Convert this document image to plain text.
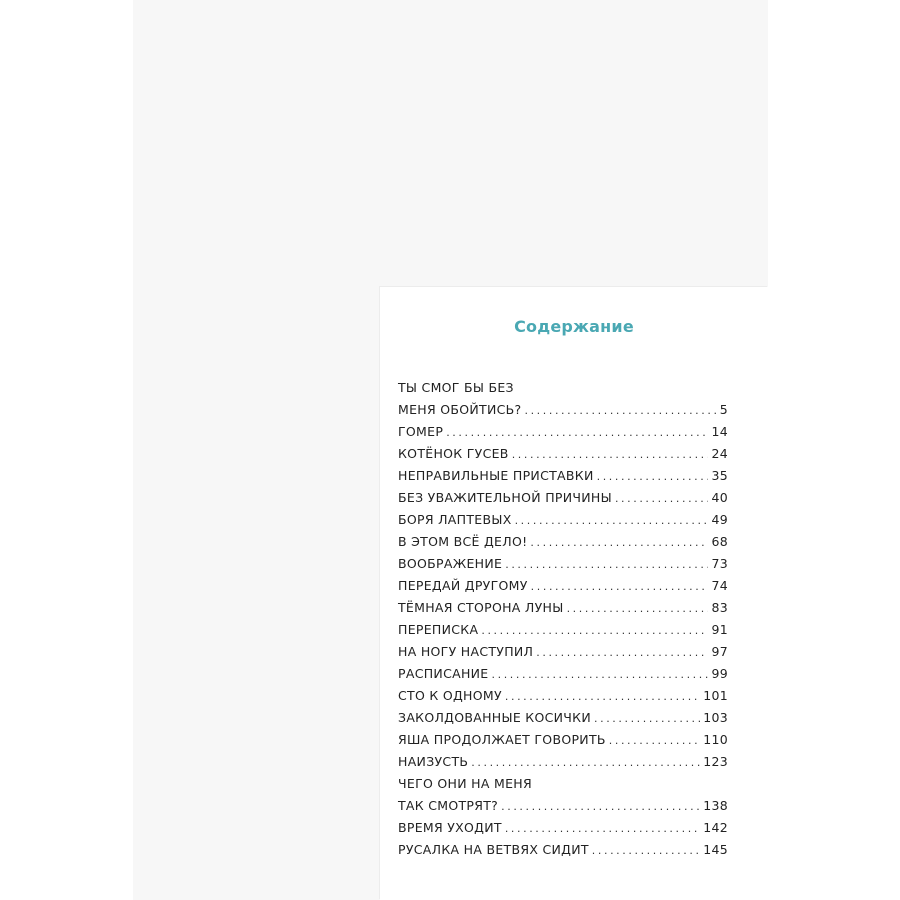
Содержание
ТЫ СМОГ БЫ БЕЗ
МЕНЯ ОБОЙТИСЬ? .....	5
ГОМЕР .....	14
КОТЁНОК ГУСЕВ .....	24
НЕПРАВИЛЬНЫЕ ПРИСТАВКИ .....	35
БЕЗ УВАЖИТЕЛЬНОЙ ПРИЧИНЫ .....	40
БОРЯ ЛАПТЕВЫХ .....	49
В ЭТОМ ВСЁ ДЕЛО! .....	68
ВООБРАЖЕНИЕ .....	73
ПЕРЕДАЙ ДРУГОМУ .....	74
ТЁМНАЯ СТОРОНА ЛУНЫ .....	83
ПЕРЕПИСКА .....	91
НА НОГУ НАСТУПИЛ .....	97
РАСПИСАНИЕ .....	99
СТО К ОДНОМУ .....	101
ЗАКОЛДОВАННЫЕ КОСИЧКИ .....	103
ЯША ПРОДОЛЖАЕТ ГОВОРИТЬ .....	110
НАИЗУСТЬ .....	123
ЧЕГО ОНИ НА МЕНЯ
ТАК СМОТРЯТ? .....	138
ВРЕМЯ УХОДИТ .....	142
РУСАЛКА НА ВЕТВЯХ СИДИТ .....	145
